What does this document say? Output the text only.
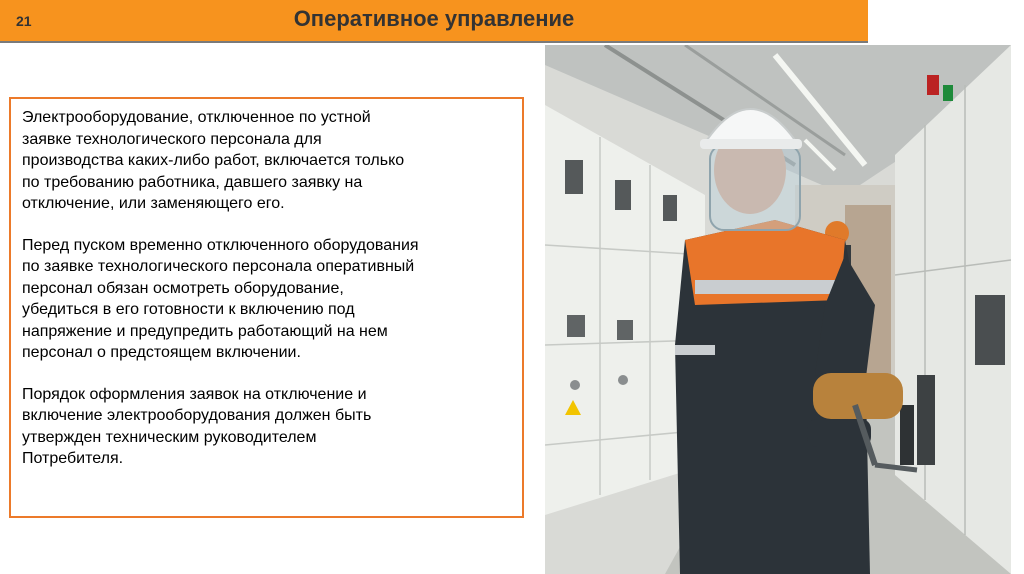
21	Оперативное управление

Электрооборудование, отключенное по устной
заявке технологического персонала для
производства каких-либо работ, включается только
по требованию работника, давшего заявку на
отключение, или заменяющего его.

Перед пуском временно отключенного оборудования
по заявке технологического персонала оперативный
персонал обязан осмотреть оборудование,
убедиться в его готовности к включению под
напряжение и предупредить работающий на нем
персонал о предстоящем включении.

Порядок оформления заявок на отключение и
включение электрооборудования должен быть
утвержден техническим руководителем
Потребителя.
